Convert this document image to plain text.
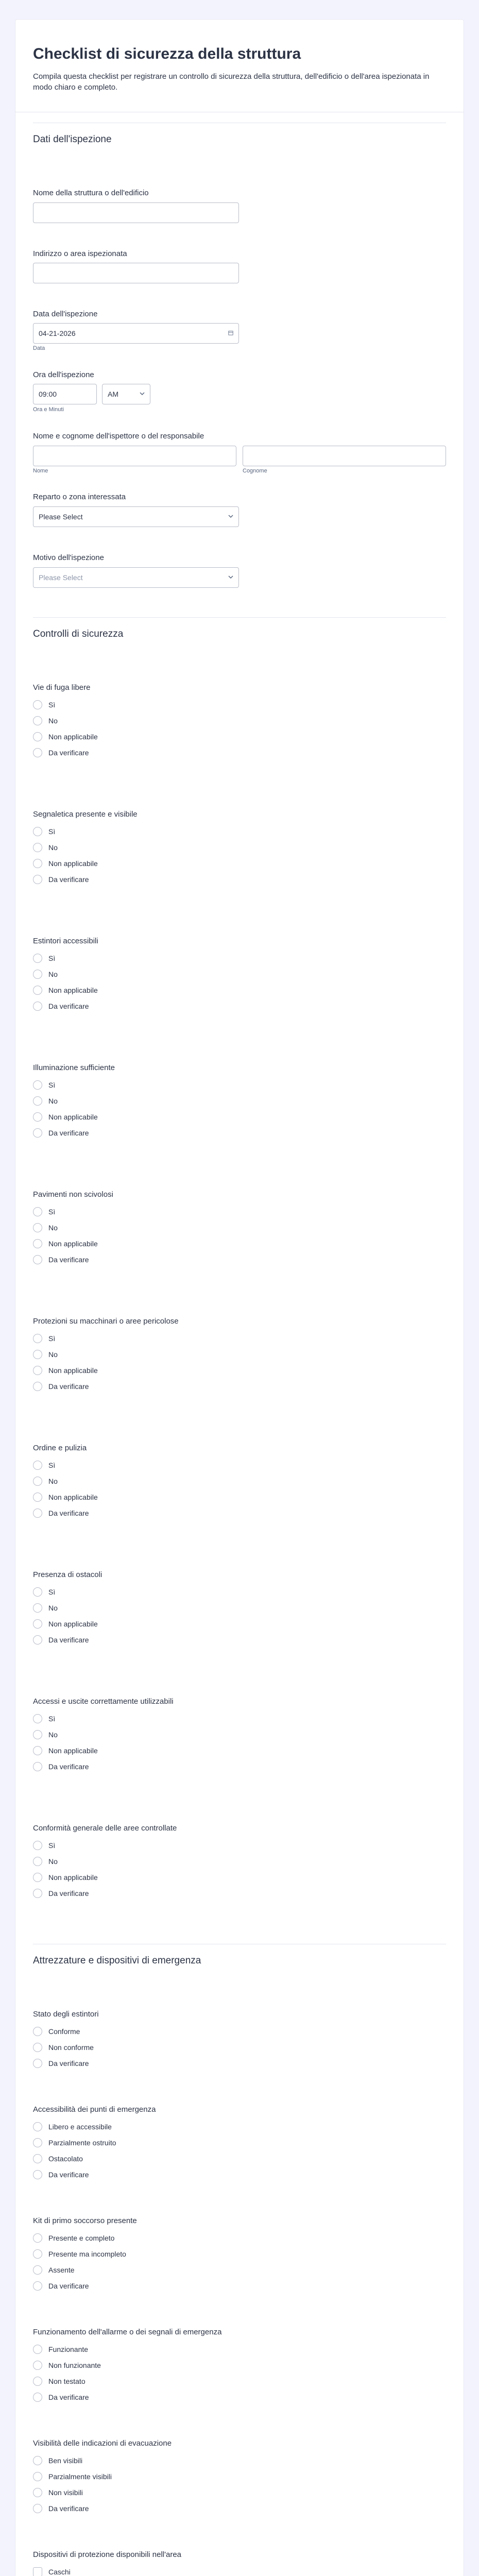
Checklist di sicurezza della struttura

Compila questa checklist per registrare un controllo di sicurezza della struttura, dell'edificio o dell'area ispezionata in modo chiaro e completo.

Dati dell'ispezione
Nome della struttura o dell'edificio
Indirizzo o area ispezionata
Data dell'ispezione
04-21-2026
Data
Ora dell'ispezione
09:00	AM
Ora e Minuti
Nome e cognome dell'ispettore o del responsabile
Nome	Cognome
Reparto o zona interessata
Please Select
Motivo dell'ispezione
Please Select
Controlli di sicurezza
Vie di fuga libere
Sì
No
Non applicabile
Da verificare
Segnaletica presente e visibile
Sì
No
Non applicabile
Da verificare
Estintori accessibili
Sì
No
Non applicabile
Da verificare
Illuminazione sufficiente
Sì
No
Non applicabile
Da verificare
Pavimenti non scivolosi
Sì
No
Non applicabile
Da verificare
Protezioni su macchinari o aree pericolose
Sì
No
Non applicabile
Da verificare
Ordine e pulizia
Sì
No
Non applicabile
Da verificare
Presenza di ostacoli
Sì
No
Non applicabile
Da verificare
Accessi e uscite correttamente utilizzabili
Sì
No
Non applicabile
Da verificare
Conformità generale delle aree controllate
Sì
No
Non applicabile
Da verificare
Attrezzature e dispositivi di emergenza
Stato degli estintori
Conforme
Non conforme
Da verificare
Accessibilità dei punti di emergenza
Libero e accessibile
Parzialmente ostruito
Ostacolato
Da verificare
Kit di primo soccorso presente
Presente e completo
Presente ma incompleto
Assente
Da verificare
Funzionamento dell'allarme o dei segnali di emergenza
Funzionante
Non funzionante
Non testato
Da verificare
Visibilità delle indicazioni di evacuazione
Ben visibili
Parzialmente visibili
Non visibili
Da verificare
Dispositivi di protezione disponibili nell'area
Caschi
